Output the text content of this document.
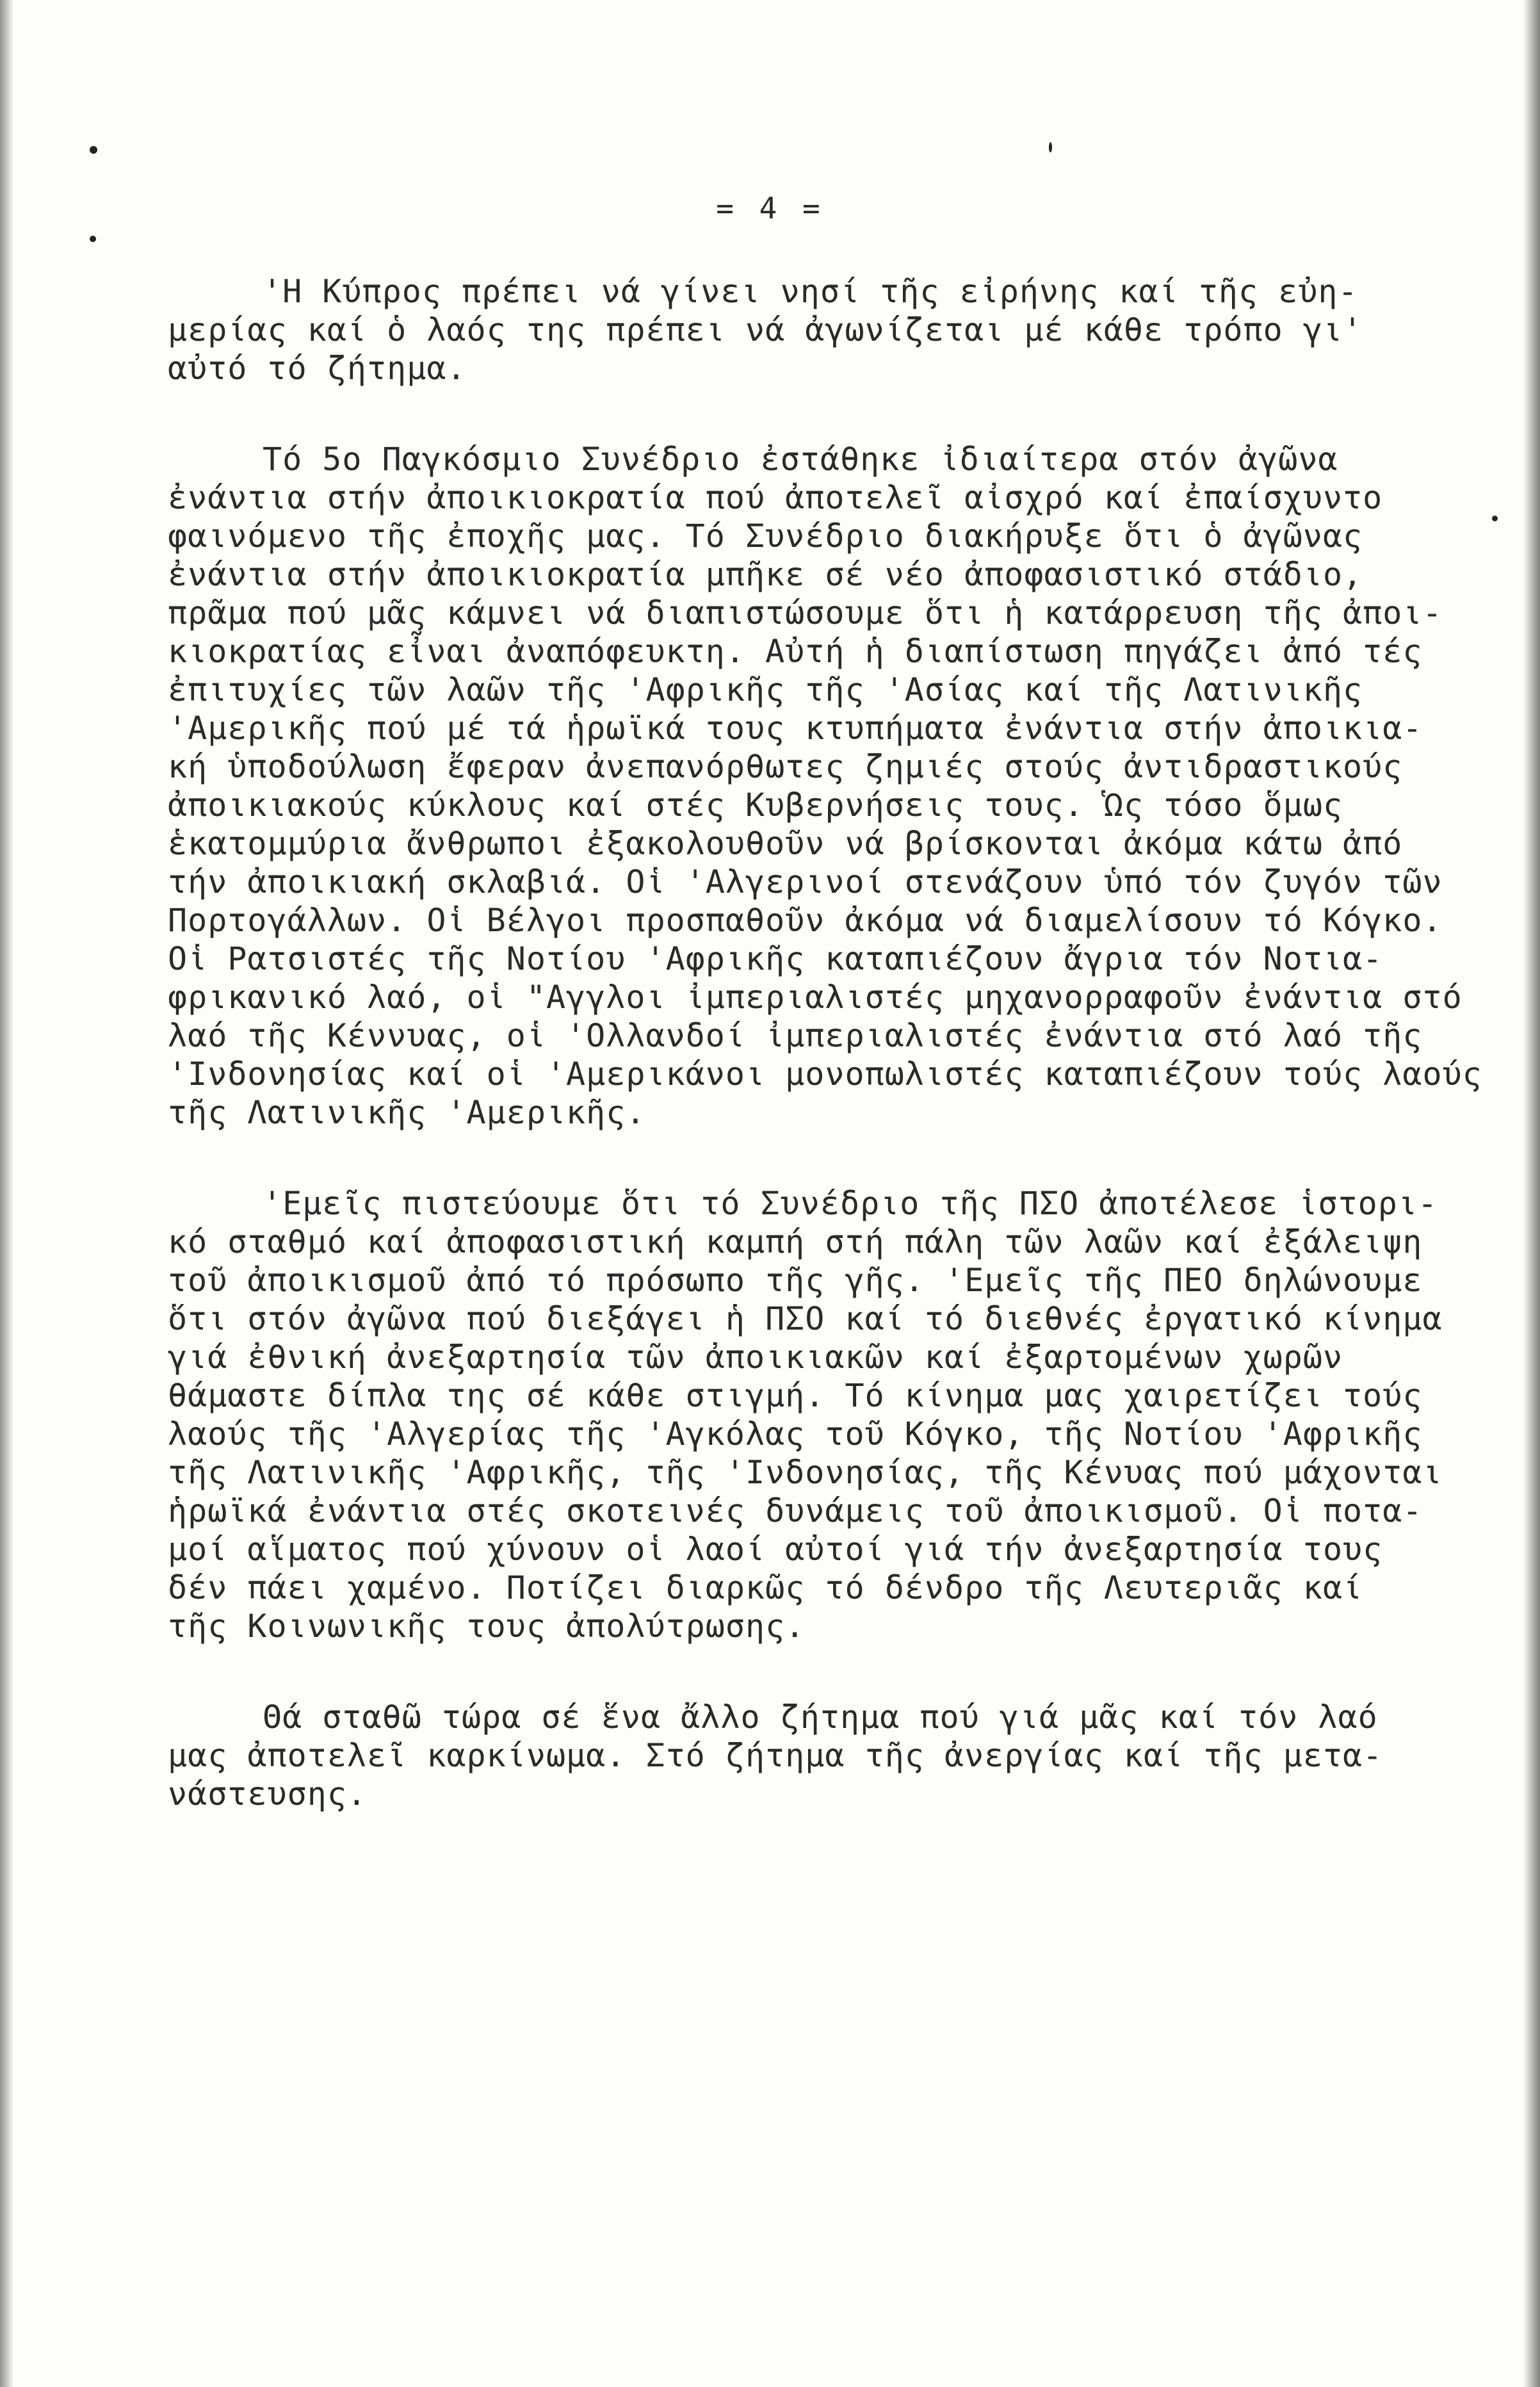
= 4 =
'Η Κύπρος πρέπει νά γίνει νησί τῆς εἰρήνης καί τῆς εὐη-
μερίας καί ὁ λαός της πρέπει νά ἀγωνίζεται μέ κάθε τρόπο γι'
αὐτό τό ζήτημα.
Τό 5ο Παγκόσμιο Συνέδριο ἐστάθηκε ἰδιαίτερα στόν ἀγῶνα
ἐνάντια στήν ἀποικιοκρατία πού ἀποτελεῖ αἰσχρό καί ἐπαίσχυντο
φαινόμενο τῆς ἐποχῆς μας. Τό Συνέδριο διακήρυξε ὅτι ὁ ἀγῶνας
ἐνάντια στήν ἀποικιοκρατία μπῆκε σέ νέο ἀποφασιστικό στάδιο,
πρᾶμα πού μᾶς κάμνει νά διαπιστώσουμε ὅτι ἡ κατάρρευση τῆς ἀποι-
κιοκρατίας εἶναι ἀναπόφευκτη. Αὐτή ἡ διαπίστωση πηγάζει ἀπό τές
ἐπιτυχίες τῶν λαῶν τῆς 'Αφρικῆς τῆς 'Ασίας καί τῆς Λατινικῆς
'Αμερικῆς πού μέ τά ἡρωϊκά τους κτυπήματα ἐνάντια στήν ἀποικια-
κή ὑποδούλωση ἔφεραν ἀνεπανόρθωτες ζημιές στούς ἀντιδραστικούς
ἀποικιακούς κύκλους καί στές Κυβερνήσεις τους. Ὡς τόσο ὅμως
ἑκατομμύρια ἄνθρωποι ἐξακολουθοῦν νά βρίσκονται ἀκόμα κάτω ἀπό
τήν ἀποικιακή σκλαβιά. Οἱ 'Αλγερινοί στενάζουν ὑπό τόν ζυγόν τῶν
Πορτογάλλων. Οἱ Βέλγοι προσπαθοῦν ἀκόμα νά διαμελίσουν τό Κόγκο.
Οἱ Ρατσιστές τῆς Νοτίου 'Αφρικῆς καταπιέζουν ἄγρια τόν Νοτια-
φρικανικό λαό, οἱ "Αγγλοι ἰμπεριαλιστές μηχανορραφοῦν ἐνάντια στό
λαό τῆς Κέννυας, οἱ 'Ολλανδοί ἰμπεριαλιστές ἐνάντια στό λαό τῆς
'Ινδονησίας καί οἱ 'Αμερικάνοι μονοπωλιστές καταπιέζουν τούς λαούς
τῆς Λατινικῆς 'Αμερικῆς.
'Εμεῖς πιστεύουμε ὅτι τό Συνέδριο τῆς ΠΣΟ ἀποτέλεσε ἱστορι-
κό σταθμό καί ἀποφασιστική καμπή στή πάλη τῶν λαῶν καί ἐξάλειψη
τοῦ ἀποικισμοῦ ἀπό τό πρόσωπο τῆς γῆς. 'Εμεῖς τῆς ΠΕΟ δηλώνουμε
ὅτι στόν ἀγῶνα πού διεξάγει ἡ ΠΣΟ καί τό διεθνές ἐργατικό κίνημα
γιά ἐθνική ἀνεξαρτησία τῶν ἀποικιακῶν καί ἐξαρτομένων χωρῶν
θάμαστε δίπλα της σέ κάθε στιγμή. Τό κίνημα μας χαιρετίζει τούς
λαούς τῆς 'Αλγερίας τῆς 'Αγκόλας τοῦ Κόγκο, τῆς Νοτίου 'Αφρικῆς
τῆς Λατινικῆς 'Αφρικῆς, τῆς 'Ινδονησίας, τῆς Κένυας πού μάχονται
ἡρωϊκά ἐνάντια στές σκοτεινές δυνάμεις τοῦ ἀποικισμοῦ. Οἱ ποτα-
μοί αἵματος πού χύνουν οἱ λαοί αὐτοί γιά τήν ἀνεξαρτησία τους
δέν πάει χαμένο. Ποτίζει διαρκῶς τό δένδρο τῆς Λευτεριᾶς καί
τῆς Κοινωνικῆς τους ἀπολύτρωσης.
Θά σταθῶ τώρα σέ ἕνα ἄλλο ζήτημα πού γιά μᾶς καί τόν λαό
μας ἀποτελεῖ καρκίνωμα. Στό ζήτημα τῆς ἀνεργίας καί τῆς μετα-
νάστευσης.
